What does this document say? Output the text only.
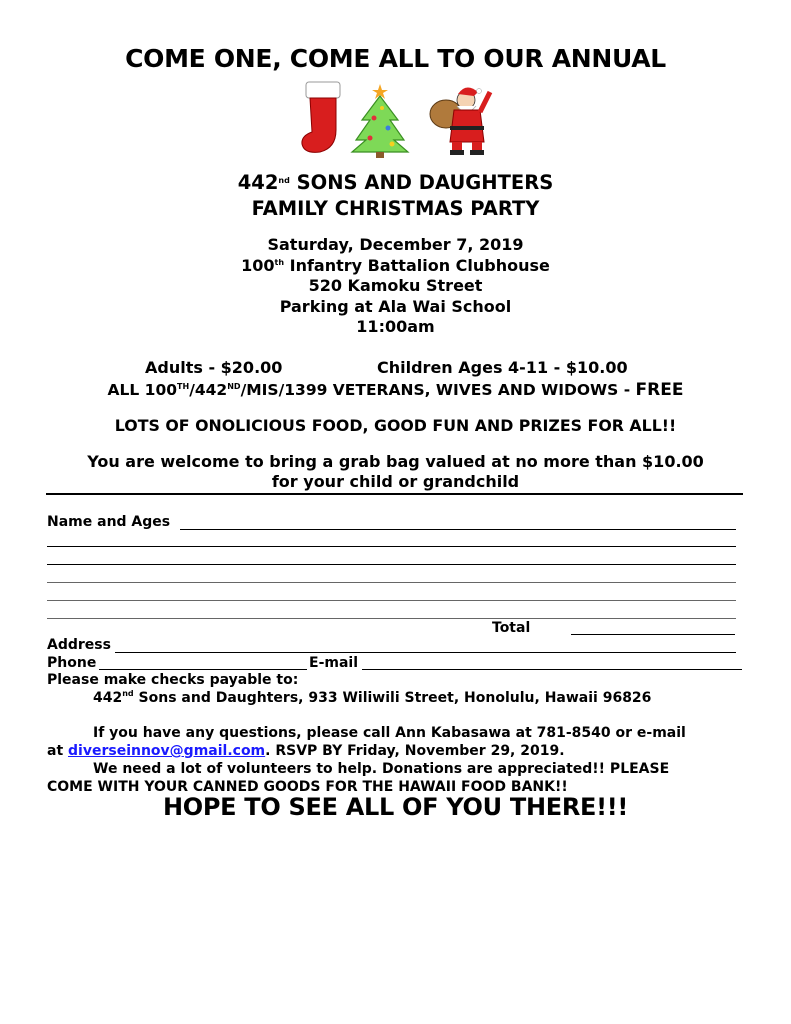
COME ONE, COME ALL TO OUR ANNUAL
442nd SONS AND DAUGHTERS
FAMILY CHRISTMAS PARTY
Saturday, December 7, 2019
100th Infantry Battalion Clubhouse
520 Kamoku Street
Parking at Ala Wai School
11:00am
Adults - $20.00	Children Ages 4-11 - $10.00
ALL 100TH/442ND/MIS/1399 VETERANS, WIVES AND WIDOWS - FREE
LOTS OF ONOLICIOUS FOOD, GOOD FUN AND PRIZES FOR ALL!!
You are welcome to bring a grab bag valued at no more than $10.00
for your child or grandchild
Name and Ages
Total
Address
Phone	E-mail
Please make checks payable to:
442nd Sons and Daughters, 933 Wiliwili Street, Honolulu, Hawaii 96826
If you have any questions, please call Ann Kabasawa at 781-8540 or e-mail
at diverseinnov@gmail.com. RSVP BY Friday, November 29, 2019.
We need a lot of volunteers to help. Donations are appreciated!! PLEASE
COME WITH YOUR CANNED GOODS FOR THE HAWAII FOOD BANK!!
HOPE TO SEE ALL OF YOU THERE!!!
